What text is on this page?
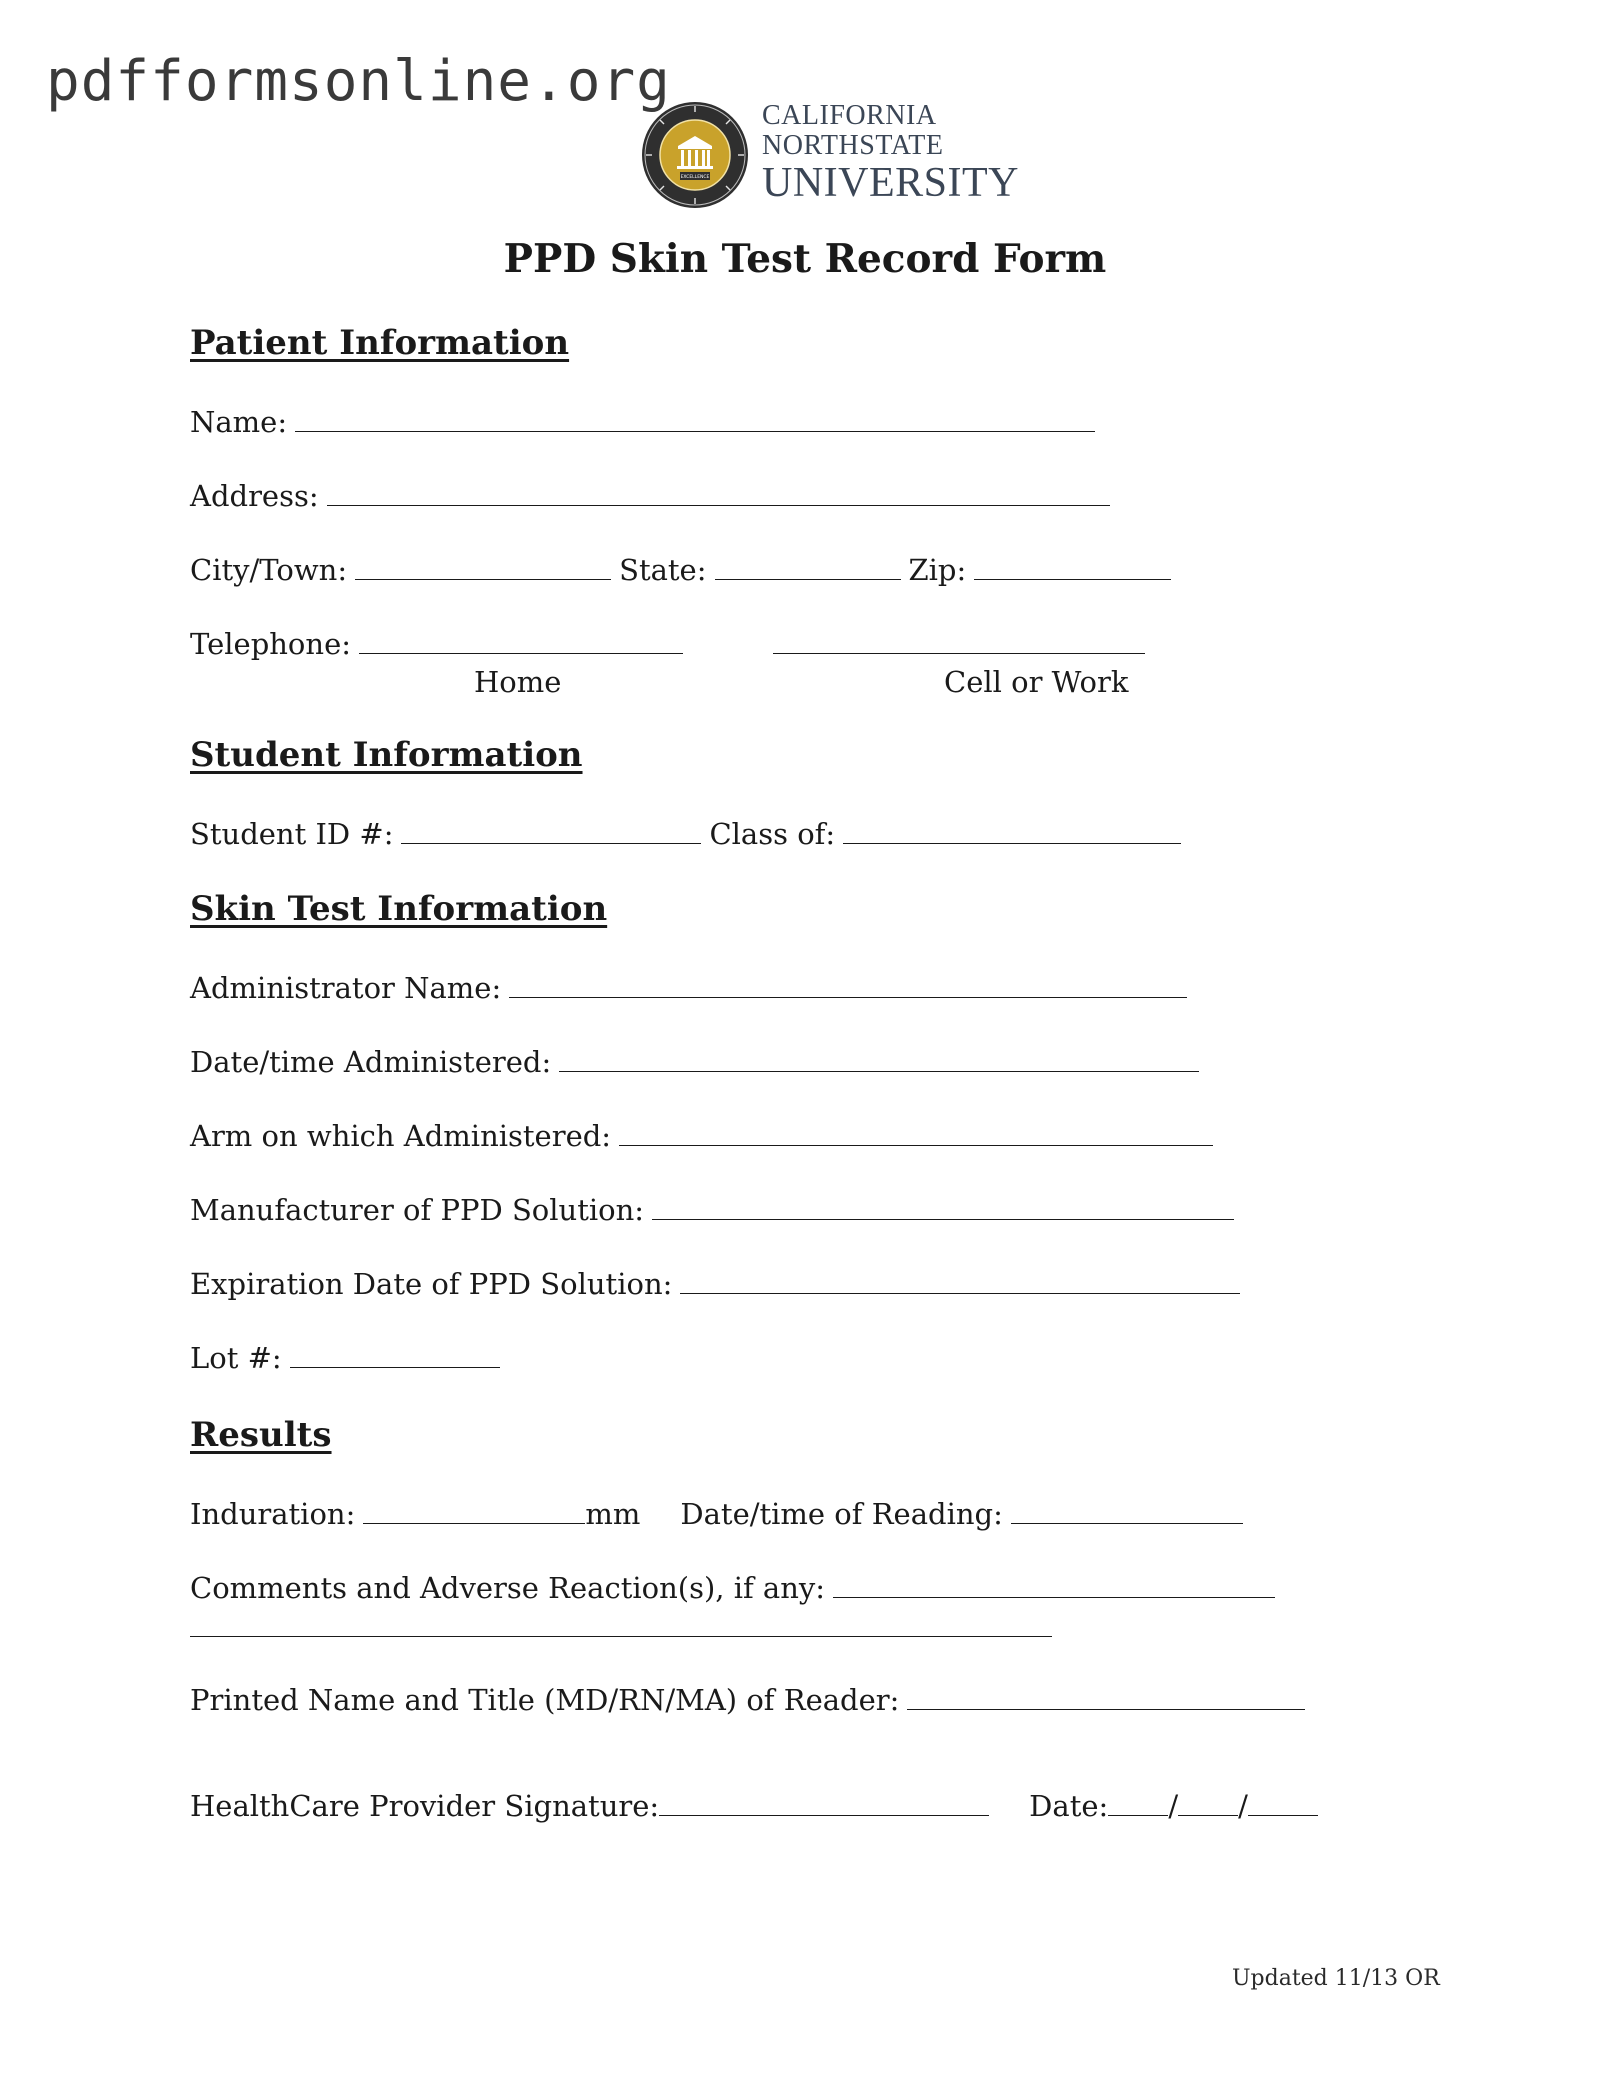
pdfformsonline.org
EXCELLENCE
CALIFORNIA
NORTHSTATE
UNIVERSITY
PPD Skin Test Record Form
Patient Information
Name:
Address:
City/Town:	State:	Zip:
Telephone:
Home	Cell or Work
Student Information
Student ID #:	Class of:
Skin Test Information
Administrator Name:
Date/time Administered:
Arm on which Administered:
Manufacturer of PPD Solution:
Expiration Date of PPD Solution:
Lot #:
Results
Induration:	mm Date/time of Reading:
Comments and Adverse Reaction(s), if any:
Printed Name and Title (MD/RN/MA) of Reader:
HealthCare Provider Signature:	Date: / /
Updated 11/13 OR
